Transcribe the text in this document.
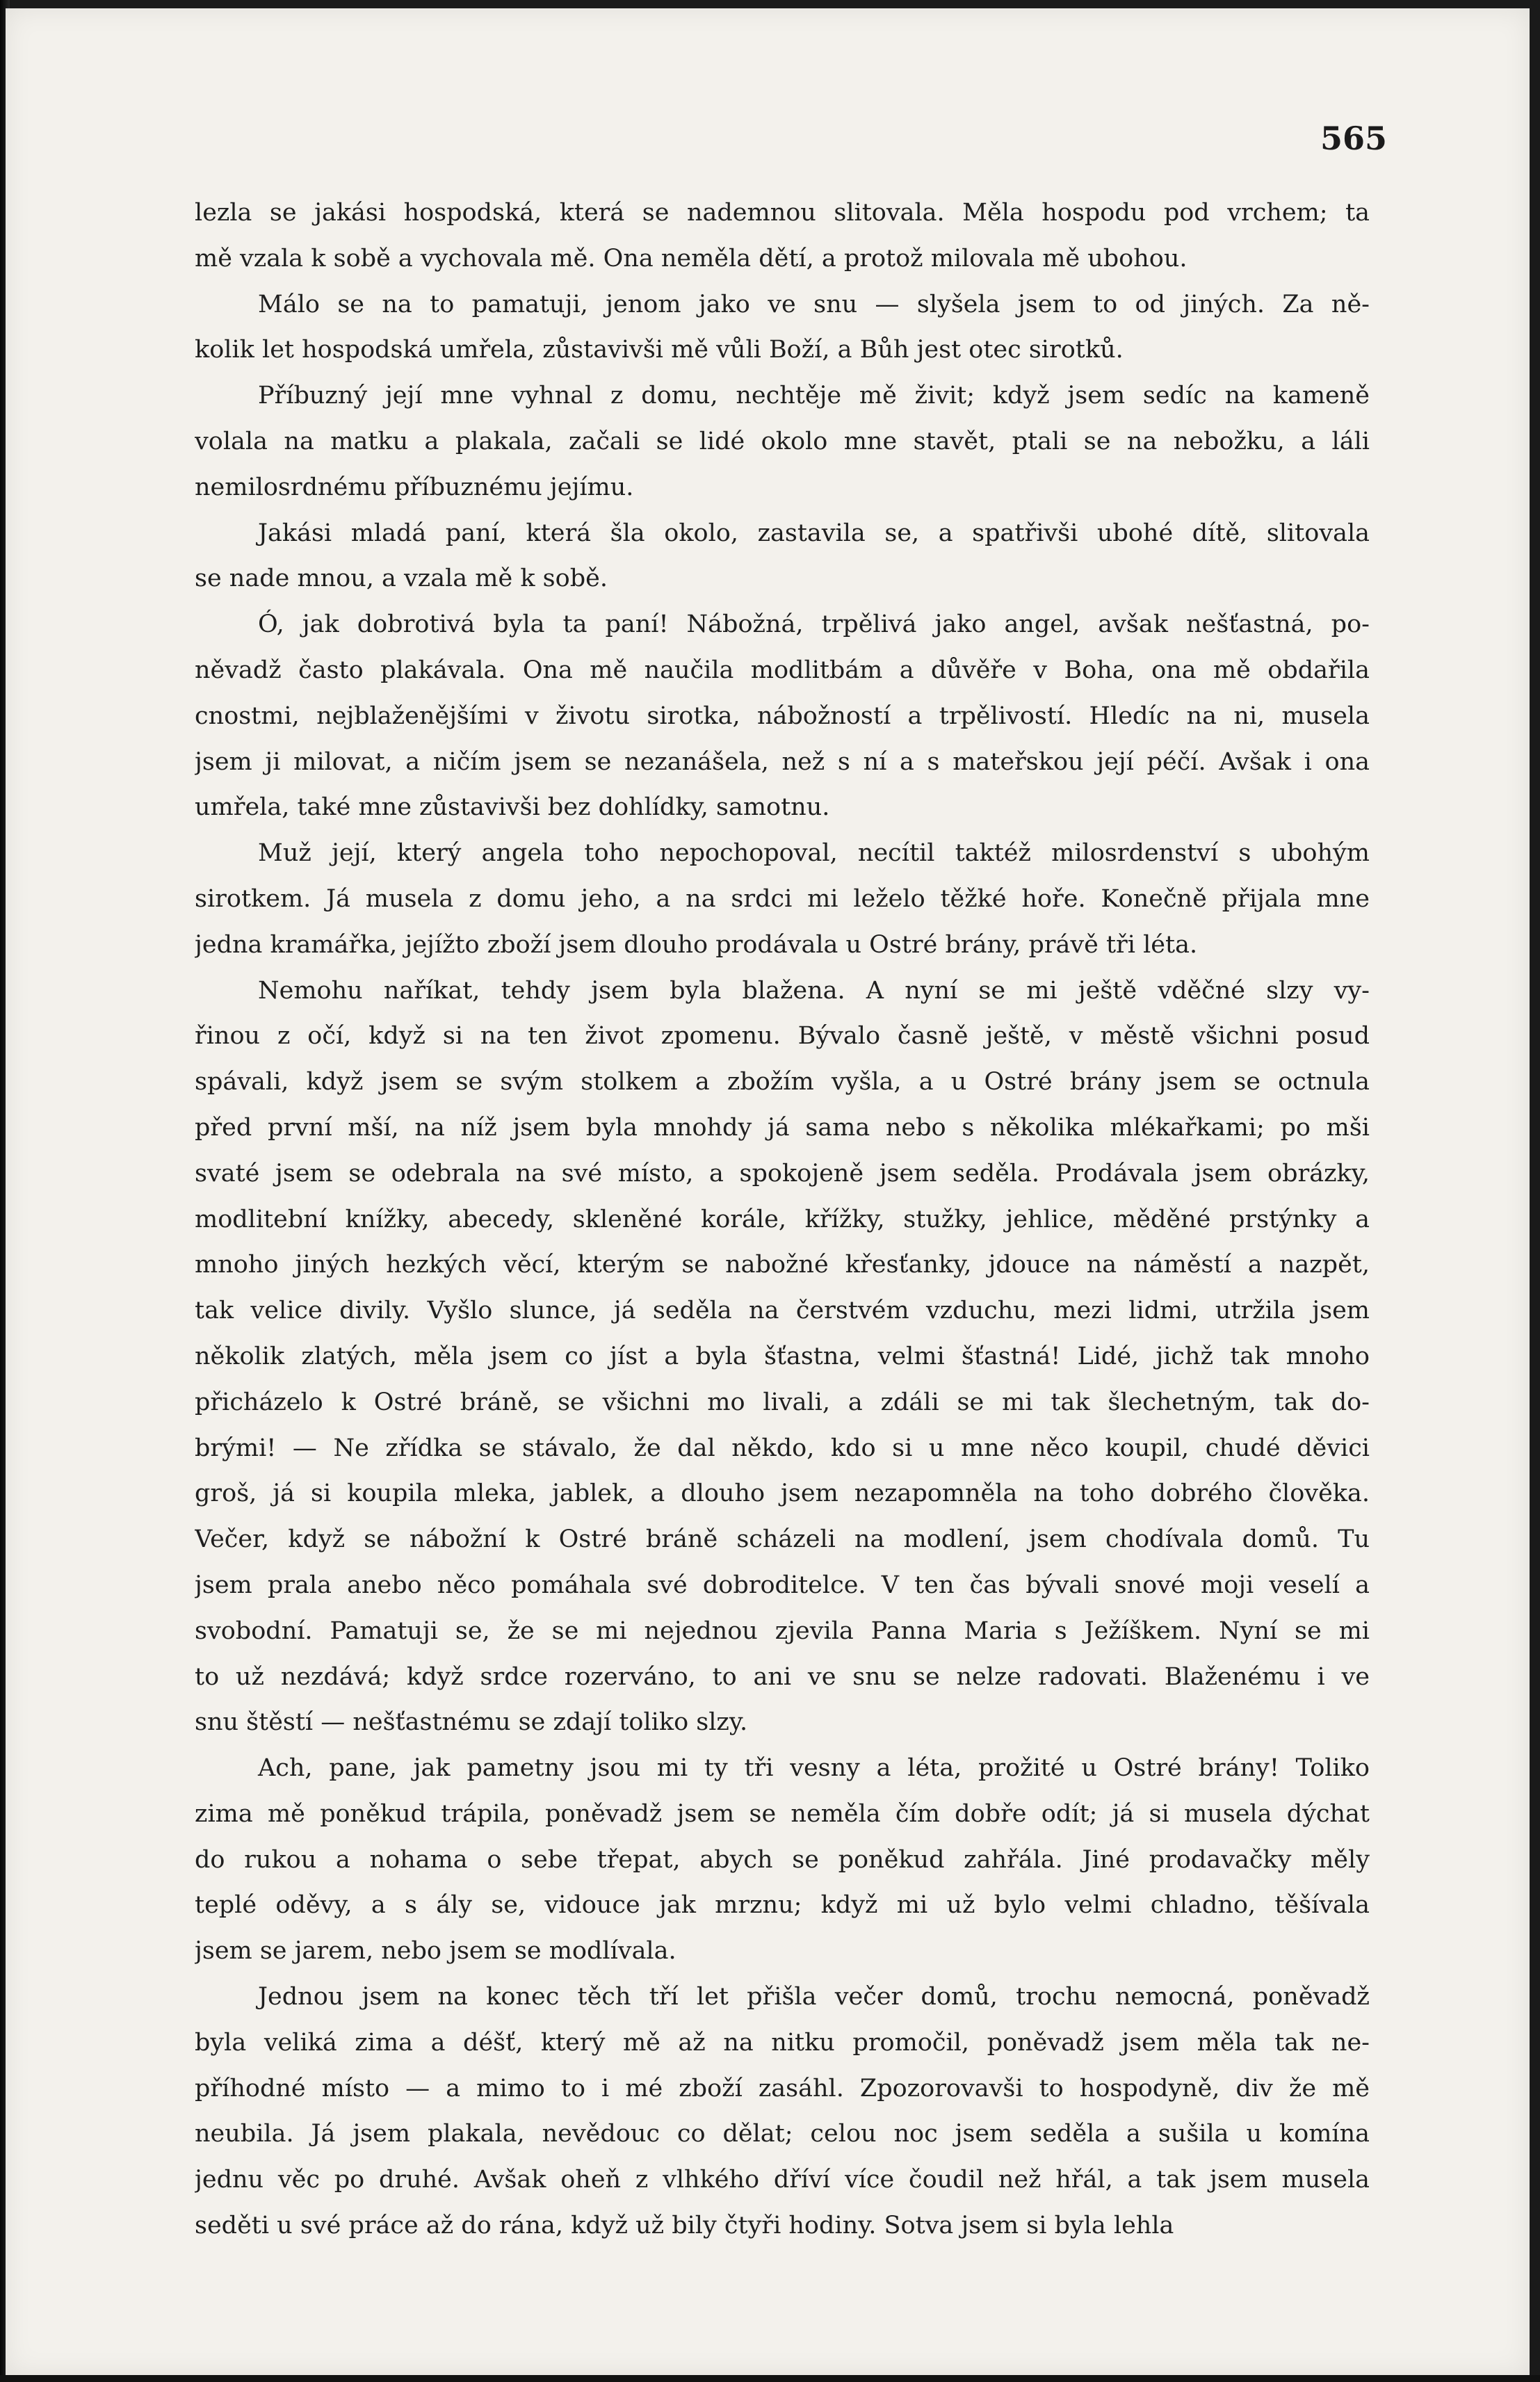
565
lezla se jakási hospodská, která se nademnou slitovala. Měla hospodu pod vrchem; ta
mě vzala k sobě a vychovala mě. Ona neměla dětí, a protož milovala mě ubohou.
Málo se na to pamatuji, jenom jako ve snu — slyšela jsem to od jiných. Za ně-
kolik let hospodská umřela, zůstavivši mě vůli Boží, a Bůh jest otec sirotků.
Příbuzný její mne vyhnal z domu, nechtěje mě živit; když jsem sedíc na kameně
volala na matku a plakala, začali se lidé okolo mne stavět, ptali se na nebožku, a láli
nemilosrdnému příbuznému jejímu.
Jakási mladá paní, která šla okolo, zastavila se, a spatřivši ubohé dítě, slitovala
se nade mnou, a vzala mě k sobě.
Ó, jak dobrotivá byla ta paní! Nábožná, trpělivá jako angel, avšak nešťastná, po-
něvadž často plakávala. Ona mě naučila modlitbám a důvěře v Boha, ona mě obdařila
cnostmi, nejblaženějšími v životu sirotka, nábožností a trpělivostí. Hledíc na ni, musela
jsem ji milovat, a ničím jsem se nezanášela, než s ní a s mateřskou její péčí. Avšak i ona
umřela, také mne zůstavivši bez dohlídky, samotnu.
Muž její, který angela toho nepochopoval, necítil taktéž milosrdenství s ubohým
sirotkem. Já musela z domu jeho, a na srdci mi leželo těžké hoře. Konečně přijala mne
jedna kramářka, jejížto zboží jsem dlouho prodávala u Ostré brány, právě tři léta.
Nemohu naříkat, tehdy jsem byla blažena. A nyní se mi ještě vděčné slzy vy-
řinou z očí, když si na ten život zpomenu. Bývalo časně ještě, v městě všichni posud
spávali, když jsem se svým stolkem a zbožím vyšla, a u Ostré brány jsem se octnula
před první mší, na níž jsem byla mnohdy já sama nebo s několika mlékařkami; po mši
svaté jsem se odebrala na své místo, a spokojeně jsem seděla. Prodávala jsem obrázky,
modlitební knížky, abecedy, skleněné korále, křížky, stužky, jehlice, měděné prstýnky a
mnoho jiných hezkých věcí, kterým se nabožné křesťanky, jdouce na náměstí a nazpět,
tak velice divily. Vyšlo slunce, já seděla na čerstvém vzduchu, mezi lidmi, utržila jsem
několik zlatých, měla jsem co jíst a byla šťastna, velmi šťastná! Lidé, jichž tak mnoho
přicházelo k Ostré bráně, se všichni mo livali, a zdáli se mi tak šlechetným, tak do-
brými! — Ne zřídka se stávalo, že dal někdo, kdo si u mne něco koupil, chudé děvici
groš, já si koupila mleka, jablek, a dlouho jsem nezapomněla na toho dobrého člověka.
Večer, když se nábožní k Ostré bráně scházeli na modlení, jsem chodívala domů. Tu
jsem prala anebo něco pomáhala své dobroditelce. V ten čas bývali snové moji veselí a
svobodní. Pamatuji se, že se mi nejednou zjevila Panna Maria s Ježíškem. Nyní se mi
to už nezdává; když srdce rozerváno, to ani ve snu se nelze radovati. Blaženému i ve
snu štěstí — nešťastnému se zdají toliko slzy.
Ach, pane, jak pametny jsou mi ty tři vesny a léta, prožité u Ostré brány! Toliko
zima mě poněkud trápila, poněvadž jsem se neměla čím dobře odít; já si musela dýchat
do rukou a nohama o sebe třepat, abych se poněkud zahřála. Jiné prodavačky měly
teplé oděvy, a s ály se, vidouce jak mrznu; když mi už bylo velmi chladno, těšívala
jsem se jarem, nebo jsem se modlívala.
Jednou jsem na konec těch tří let přišla večer domů, trochu nemocná, poněvadž
byla veliká zima a déšť, který mě až na nitku promočil, poněvadž jsem měla tak ne-
příhodné místo — a mimo to i mé zboží zasáhl. Zpozorovavši to hospodyně, div že mě
neubila. Já jsem plakala, nevědouc co dělat; celou noc jsem seděla a sušila u komína
jednu věc po druhé. Avšak oheň z vlhkého dříví více čoudil než hřál, a tak jsem musela
seděti u své práce až do rána, když už bily čtyři hodiny. Sotva jsem si byla lehla
